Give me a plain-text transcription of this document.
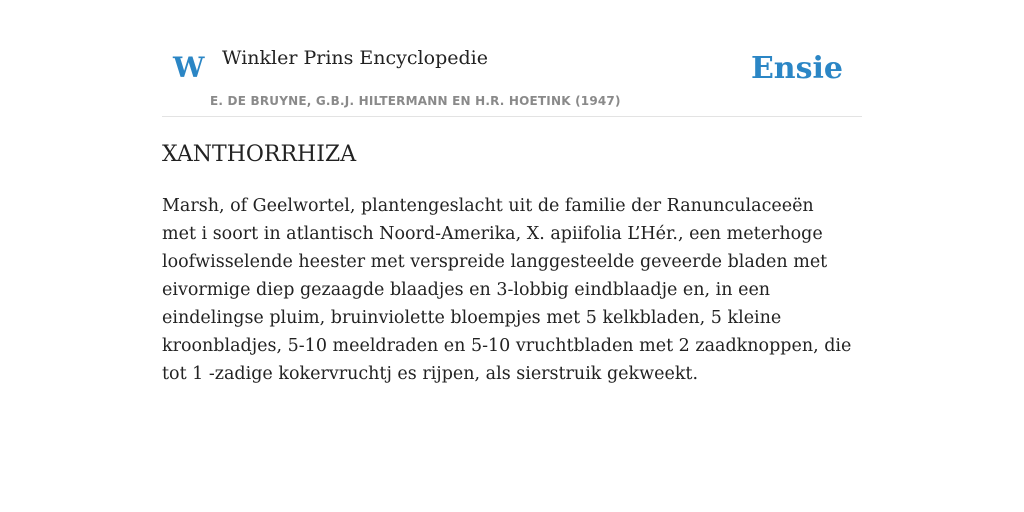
W Winkler Prins Encyclopedie
E. DE BRUYNE, G.B.J. HILTERMANN EN H.R. HOETINK (1947)
Ensie
XANTHORRHIZA

Marsh, of Geelwortel, plantengeslacht uit de familie der Ranunculaceeën met i soort in atlantisch Noord-Amerika, X. apiifolia L’Hér., een meterhoge loofwisselende heester met verspreide langgesteelde geveerde bladen met eivormige diep gezaagde blaadjes en 3-lobbig eindblaadje en, in een eindelingse pluim, bruinviolette bloempjes met 5 kelkbladen, 5 kleine kroonbladjes, 5-10 meeldraden en 5-10 vruchtbladen met 2 zaadknoppen, die tot 1 -zadige kokervruchtj es rijpen, als sierstruik gekweekt.
